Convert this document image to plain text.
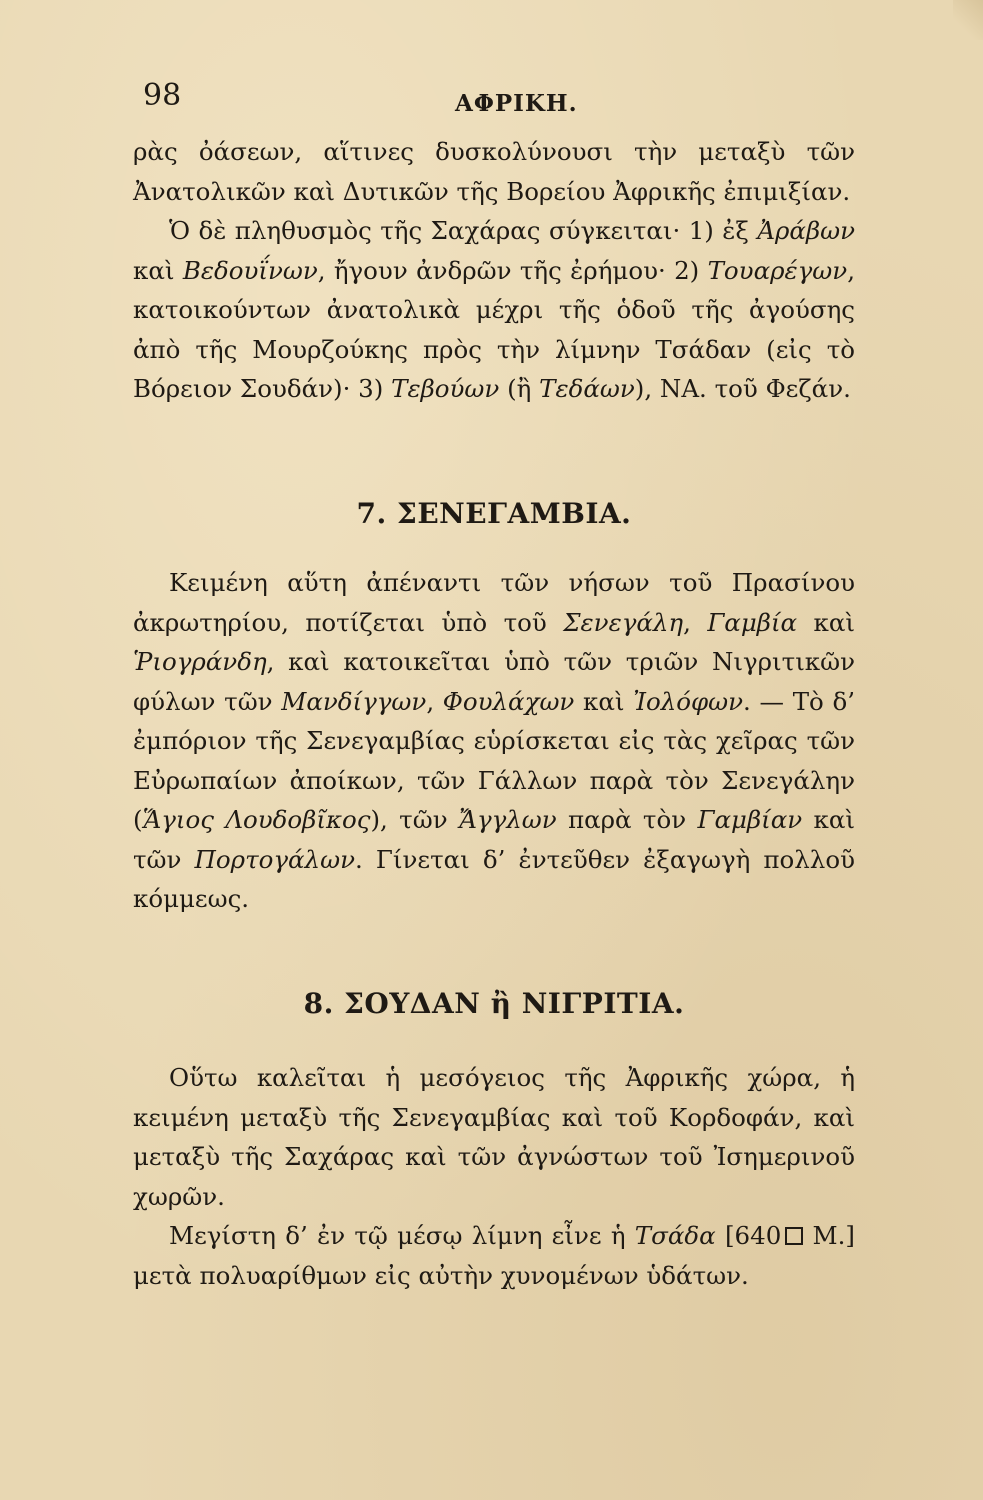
98	ΑΦΡΙΚΗ.

ρὰς ὀάσεων, αἵτινες δυσκολύνουσι τὴν μεταξὺ τῶν Ἀνατολικῶν καὶ Δυτικῶν τῆς Βορείου Ἀφρικῆς ἐπιμιξίαν.

Ὁ δὲ πληθυσμὸς τῆς Σαχάρας σύγκειται· 1) ἐξ Ἀράβων καὶ Βεδουΐνων, ἤγουν ἀνδρῶν τῆς ἐρήμου· 2) Τουαρέγων, κατοικούντων ἀνατολικὰ μέχρι τῆς ὁδοῦ τῆς ἀγούσης ἀπὸ τῆς Μουρζούκης πρὸς τὴν λίμνην Τσάδαν (εἰς τὸ Βόρειον Σουδάν)· 3) Τεβούων (ἢ Τεδάων), ΝΑ. τοῦ Φεζάν.

7. ΣΕΝΕΓΑΜΒΙΑ.

Κειμένη αὕτη ἀπέναντι τῶν νήσων τοῦ Πρασίνου ἀκρωτηρίου, ποτίζεται ὑπὸ τοῦ Σενεγάλη, Γαμβία καὶ Ῥιογράνδη, καὶ κατοικεῖται ὑπὸ τῶν τριῶν Νιγριτικῶν φύλων τῶν Μανδίγγων, Φουλάχων καὶ Ἰολόφων. — Τὸ δ’ ἐμπόριον τῆς Σενεγαμβίας εὑρίσκεται εἰς τὰς χεῖρας τῶν Εὐρωπαίων ἀποίκων, τῶν Γάλλων παρὰ τὸν Σενεγάλην (Ἅγιος Λουδοβῖκος), τῶν Ἄγγλων παρὰ τὸν Γαμβίαν καὶ τῶν Πορτογάλων. Γίνεται δ’ ἐντεῦθεν ἐξαγωγὴ πολλοῦ κόμμεως.

8. ΣΟΥΔΑΝ ἢ ΝΙΓΡΙΤΙΑ.

Οὕτω καλεῖται ἡ μεσόγειος τῆς Ἀφρικῆς χώρα, ἡ κειμένη μεταξὺ τῆς Σενεγαμβίας καὶ τοῦ Κορδοφάν, καὶ μεταξὺ τῆς Σαχάρας καὶ τῶν ἀγνώστων τοῦ Ἰσημερινοῦ χωρῶν.

Μεγίστη δ’ ἐν τῷ μέσῳ λίμνη εἶνε ἡ Τσάδα [640 Μ.] μετὰ πολυαρίθμων εἰς αὐτὴν χυνομένων ὑδάτων.
